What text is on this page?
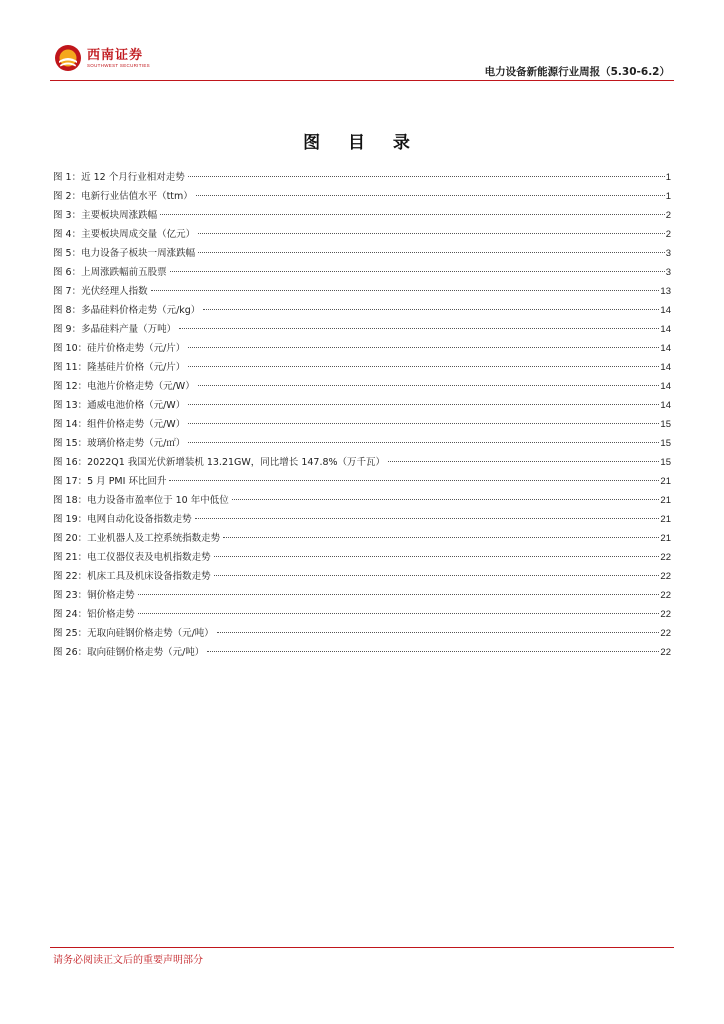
西南证券
SOUTHWEST SECURITIES
电力设备新能源行业周报（5.30-6.2）
图 目 录
图 1：近 12 个月行业相对走势	1
图 2：电新行业估值水平（ttm）	1
图 3：主要板块周涨跌幅	2
图 4：主要板块周成交量（亿元）	2
图 5：电力设备子板块一周涨跌幅	3
图 6：上周涨跌幅前五股票	3
图 7：光伏经理人指数	13
图 8：多晶硅料价格走势（元/kg）	14
图 9：多晶硅料产量（万吨）	14
图 10：硅片价格走势（元/片）	14
图 11：隆基硅片价格（元/片）	14
图 12：电池片价格走势（元/W）	14
图 13：通威电池价格（元/W）	14
图 14：组件价格走势（元/W）	15
图 15：玻璃价格走势（元/㎡）	15
图 16：2022Q1 我国光伏新增装机 13.21GW，同比增长 147.8%（万千瓦）	15
图 17：5 月 PMI 环比回升	21
图 18：电力设备市盈率位于 10 年中低位	21
图 19：电网自动化设备指数走势	21
图 20：工业机器人及工控系统指数走势	21
图 21：电工仪器仪表及电机指数走势	22
图 22：机床工具及机床设备指数走势	22
图 23：铜价格走势	22
图 24：铝价格走势	22
图 25：无取向硅钢价格走势（元/吨）	22
图 26：取向硅钢价格走势（元/吨）	22
请务必阅读正文后的重要声明部分
